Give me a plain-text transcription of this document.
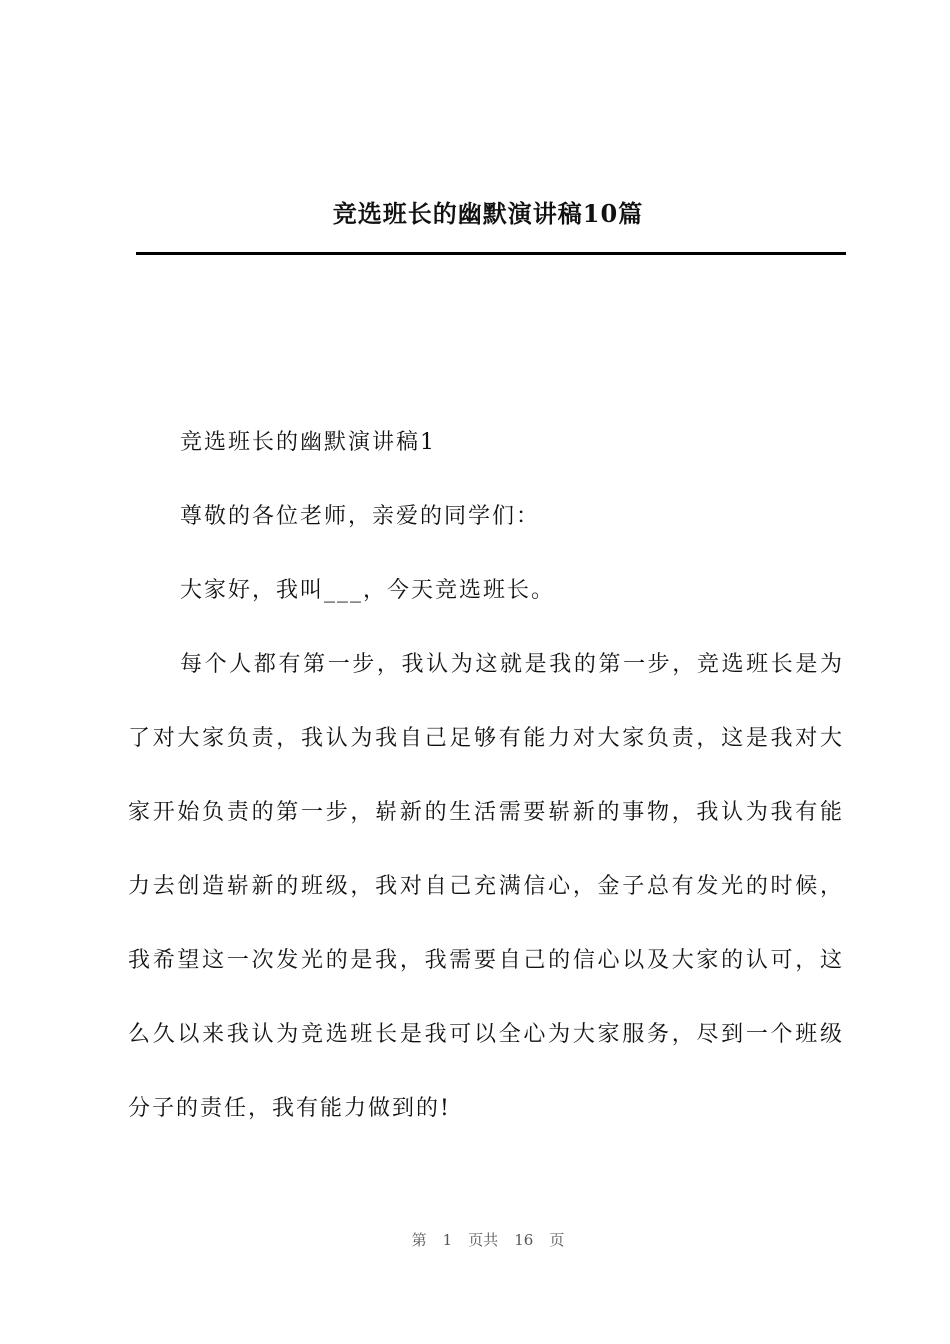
竞选班长的幽默演讲稿10篇

竞选班长的幽默演讲稿1

尊敬的各位老师，亲爱的同学们：

大家好，我叫___，今天竞选班长。

每个人都有第一步，我认为这就是我的第一步，竞选班长是为了对大家负责，我认为我自己足够有能力对大家负责，这是我对大家开始负责的第一步，崭新的生活需要崭新的事物，我认为我有能力去创造崭新的班级，我对自己充满信心，金子总有发光的时候，我希望这一次发光的是我，我需要自己的信心以及大家的认可，这么久以来我认为竞选班长是我可以全心为大家服务，尽到一个班级分子的责任，我有能力做到的!

第 1 页共 16 页
